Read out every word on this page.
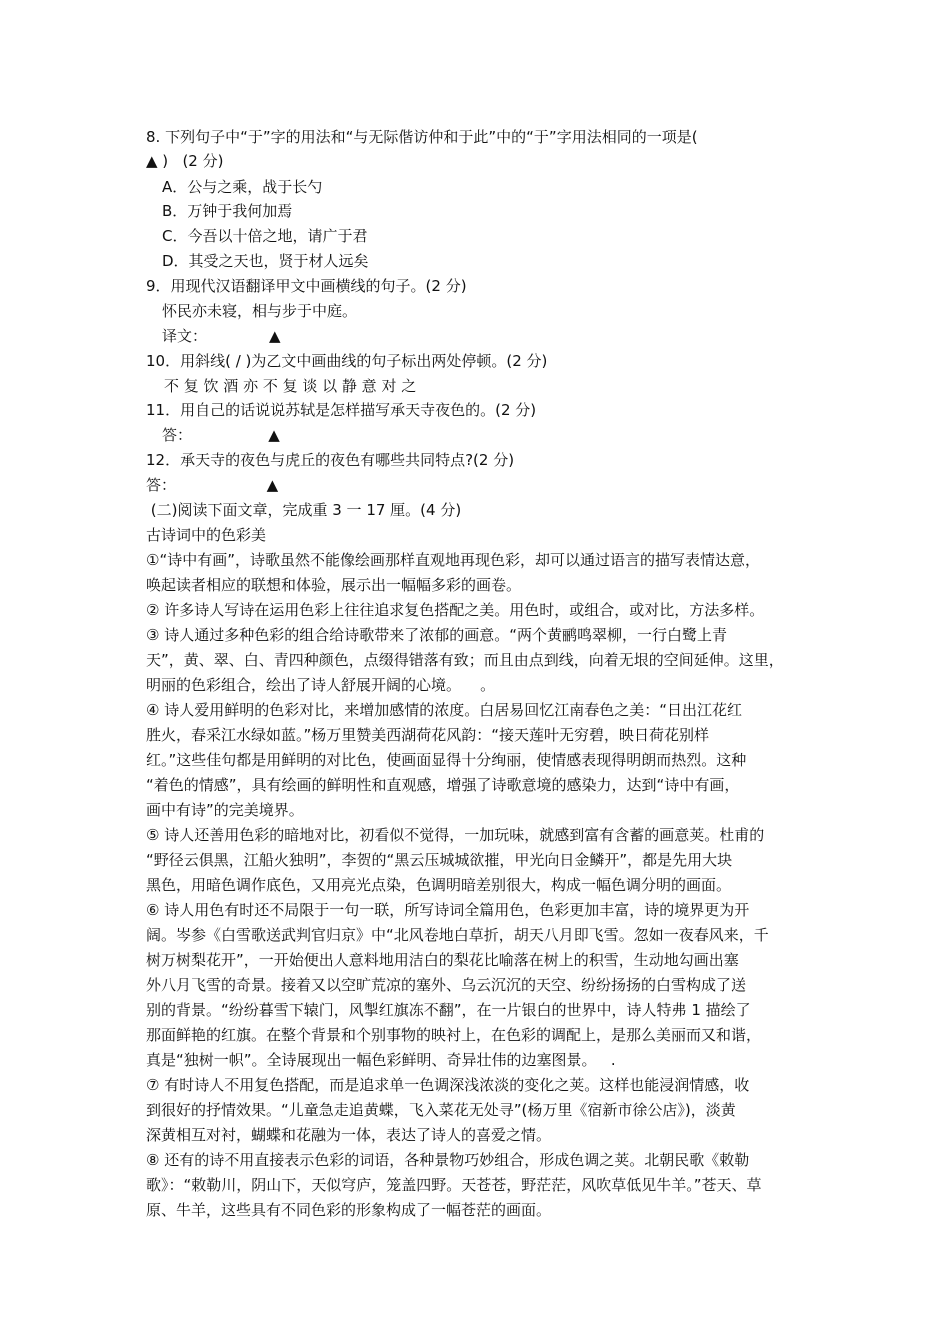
8. 下列句子中“于”字的用法和“与无际偕访仲和于此”中的“于”字用法相同的一项是(
▲ )   (2 分)
A．公与之乘，战于长勺
B．万钟于我何加焉
C．今吾以十倍之地，请广于君
D．其受之天也，贤于材人远矣
9．用现代汉语翻译甲文中画横线的句子。(2 分)
怀民亦未寝，相与步于中庭。
译文：             ▲
10．用斜线( / )为乙文中画曲线的句子标出两处停顿。(2 分)
不 复 饮 酒 亦 不 复 谈 以 静 意 对 之
11．用自己的话说说苏轼是怎样描写承天寺夜色的。(2 分)
答：                ▲
12．承天寺的夜色与虎丘的夜色有哪些共同特点?(2 分)
答：                   ▲
(二)阅读下面文章，完成重 3 一 17 厘。(4 分)
古诗词中的色彩美
①“诗中有画”，诗歌虽然不能像绘画那样直观地再现色彩，却可以通过语言的描写表情达意，
唤起读者相应的联想和体验，展示出一幅幅多彩的画卷。
② 许多诗人写诗在运用色彩上往往追求复色搭配之美。用色时，或组合，或对比，方法多样。
③ 诗人通过多种色彩的组合给诗歌带来了浓郁的画意。“两个黄鹂鸣翠柳，一行白鹭上青
天”，黄、翠、白、青四种颜色，点缀得错落有致；而且由点到线，向着无垠的空间延伸。这里，
明丽的色彩组合，绘出了诗人舒展开阔的心境。    。
④ 诗人爱用鲜明的色彩对比，来增加感情的浓度。白居易回忆江南春色之美：“日出江花红
胜火，春采江水绿如蓝。”杨万里赞美西湖荷花风韵：“接天莲叶无穷碧，映日荷花别样
红。”这些佳句都是用鲜明的对比色，使画面显得十分绚丽，使情感表现得明朗而热烈。这种
“着色的情感”，具有绘画的鲜明性和直观感，增强了诗歌意境的感染力，达到“诗中有画，
画中有诗”的完美境界。
⑤ 诗人还善用色彩的暗地对比，初看似不觉得，一加玩味，就感到富有含蓄的画意荚。杜甫的
“野径云俱黑，江船火独明”，李贺的“黑云压城城欲摧，甲光向日金鳞开”，都是先用大块
黑色，用暗色调作底色，又用亮光点染，色调明暗差别很大，构成一幅色调分明的画面。
⑥ 诗人用色有时还不局限于一句一联，所写诗词全篇用色，色彩更加丰富，诗的境界更为开
阔。岑参《白雪歌送武判官归京》中“北风卷地白草折，胡天八月即飞雪。忽如一夜春风来，千
树万树梨花开”，一开始便出人意料地用洁白的梨花比喻落在树上的积雪，生动地勾画出塞
外八月飞雪的奇景。接着又以空旷荒凉的塞外、乌云沉沉的天空、纷纷扬扬的白雪构成了送
别的背景。“纷纷暮雪下辕门，风掣红旗冻不翻”，在一片银白的世界中，诗人特弗 1 描绘了
那面鲜艳的红旗。在整个背景和个别事物的映衬上，在色彩的调配上，是那么美丽而又和谐，
真是“独树一帜”。全诗展现出一幅色彩鲜明、奇异壮伟的边塞图景。   .
⑦ 有时诗人不用复色搭配，而是追求单一色调深浅浓淡的变化之荚。这样也能浸润情感，收
到很好的抒情效果。“儿童急走追黄蝶，飞入菜花无处寻”(杨万里《宿新市徐公店》)，淡黄
深黄相互对衬，蝴蝶和花融为一体，表达了诗人的喜爱之情。
⑧ 还有的诗不用直接表示色彩的词语，各种景物巧妙组合，形成色调之荚。北朝民歌《敕勒
歌》：“敕勒川，阴山下，天似穹庐，笼盖四野。天苍苍，野茫茫，风吹草低见牛羊。”苍天、草
原、牛羊，这些具有不同色彩的形象构成了一幅苍茫的画面。
